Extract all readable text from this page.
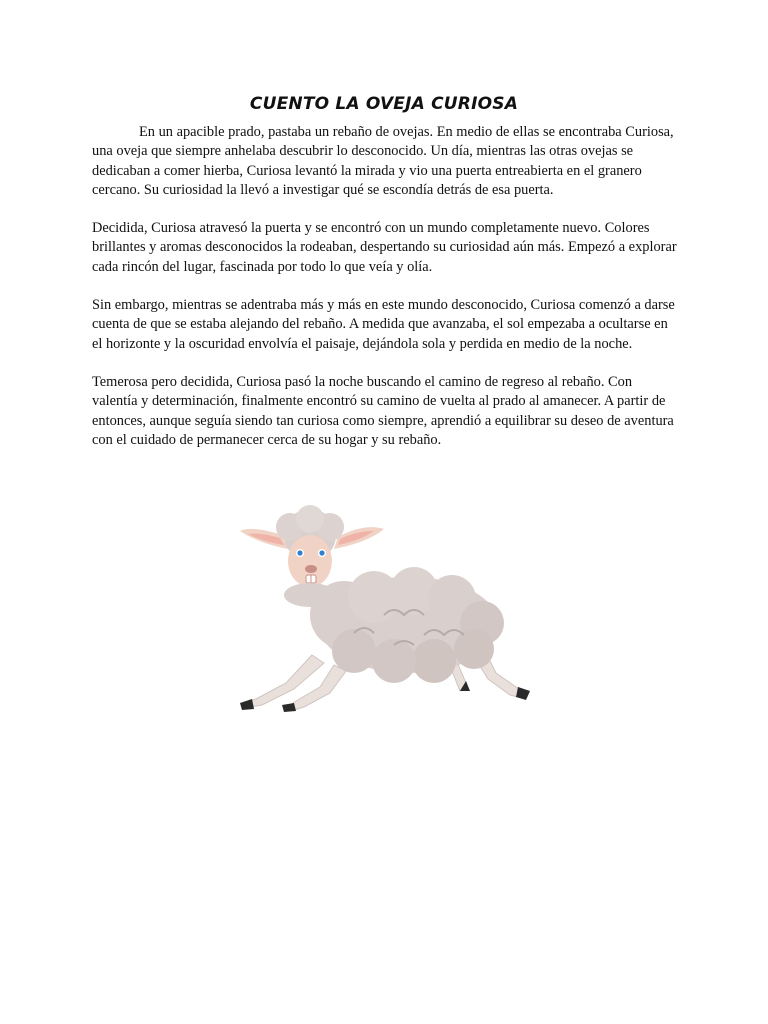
CUENTO LA OVEJA CURIOSA

En un apacible prado, pastaba un rebaño de ovejas. En medio de ellas se encontraba Curiosa, una oveja que siempre anhelaba descubrir lo desconocido. Un día, mientras las otras ovejas se dedicaban a comer hierba, Curiosa levantó la mirada y vio una puerta entreabierta en el granero cercano. Su curiosidad la llevó a investigar qué se escondía detrás de esa puerta.

Decidida, Curiosa atravesó la puerta y se encontró con un mundo completamente nuevo. Colores brillantes y aromas desconocidos la rodeaban, despertando su curiosidad aún más. Empezó a explorar cada rincón del lugar, fascinada por todo lo que veía y olía.

Sin embargo, mientras se adentraba más y más en este mundo desconocido, Curiosa comenzó a darse cuenta de que se estaba alejando del rebaño. A medida que avanzaba, el sol empezaba a ocultarse en el horizonte y la oscuridad envolvía el paisaje, dejándola sola y perdida en medio de la noche.

Temerosa pero decidida, Curiosa pasó la noche buscando el camino de regreso al rebaño. Con valentía y determinación, finalmente encontró su camino de vuelta al prado al amanecer. A partir de entonces, aunque seguía siendo tan curiosa como siempre, aprendió a equilibrar su deseo de aventura con el cuidado de permanecer cerca de su hogar y su rebaño.
